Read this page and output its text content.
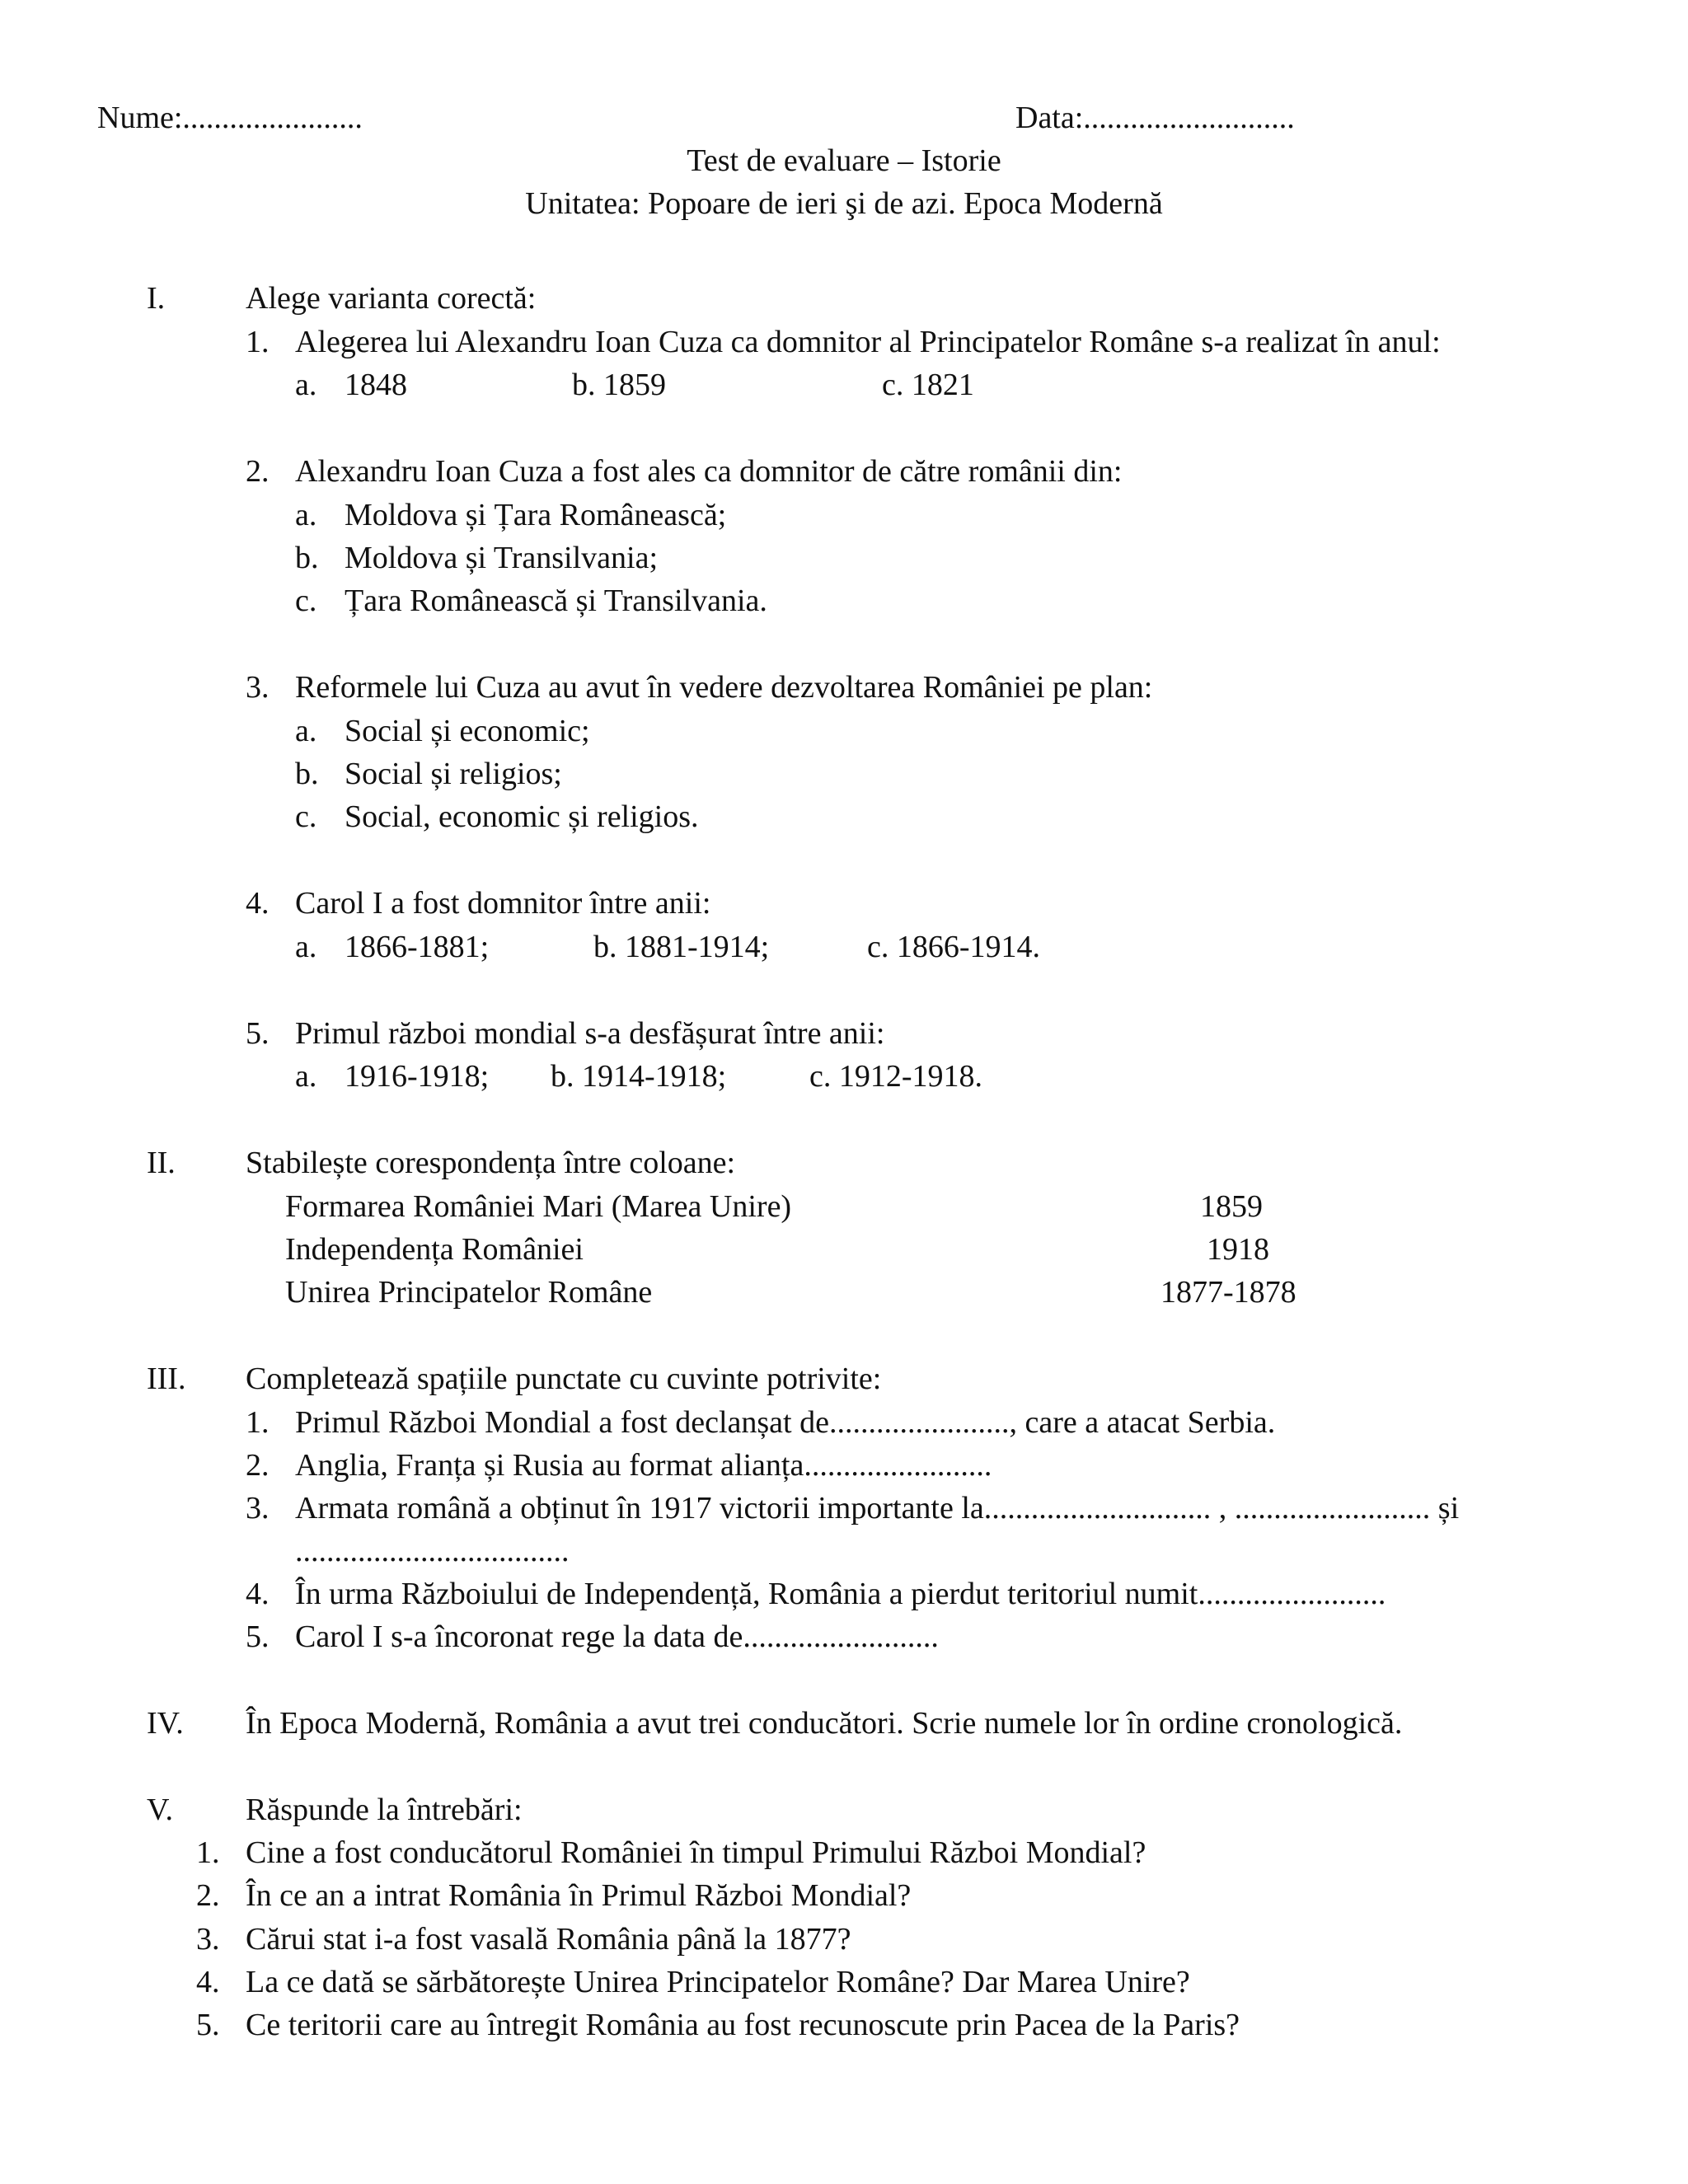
Nume:.......................	Data:...........................
Test de evaluare – Istorie
Unitatea: Popoare de ieri şi de azi. Epoca Modernă
I.	Alege varianta corectă:
1. Alegerea lui Alexandru Ioan Cuza ca domnitor al Principatelor Române s-a realizat în anul:
a. 1848	b. 1859	c. 1821
2. Alexandru Ioan Cuza a fost ales ca domnitor de către românii din:
a. Moldova și Țara Românească;
b. Moldova și Transilvania;
c. Țara Românească și Transilvania.
3. Reformele lui Cuza au avut în vedere dezvoltarea României pe plan:
a. Social și economic;
b. Social și religios;
c. Social, economic și religios.
4. Carol I a fost domnitor între anii:
a. 1866-1881;	b. 1881-1914;	c. 1866-1914.
5. Primul război mondial s-a desfășurat între anii:
a. 1916-1918; b. 1914-1918;	c. 1912-1918.
II. Stabilește corespondența între coloane:
Formarea României Mari (Marea Unire)	1859
Independența României	1918
Unirea Principatelor Române	1877-1878
III. Completează spațiile punctate cu cuvinte potrivite:
1. Primul Război Mondial a fost declanșat de......................., care a atacat Serbia.
2. Anglia, Franța și Rusia au format alianța........................
3. Armata română a obținut în 1917 victorii importante la............................. , ......................... și
...................................
4. În urma Războiului de Independență, România a pierdut teritoriul numit........................
5. Carol I s-a încoronat rege la data de.........................
IV. În Epoca Modernă, România a avut trei conducători. Scrie numele lor în ordine cronologică.
V. Răspunde la întrebări:
1. Cine a fost conducătorul României în timpul Primului Război Mondial?
2. În ce an a intrat România în Primul Război Mondial?
3. Cărui stat i-a fost vasală România până la 1877?
4. La ce dată se sărbătorește Unirea Principatelor Române? Dar Marea Unire?
5. Ce teritorii care au întregit România au fost recunoscute prin Pacea de la Paris?
